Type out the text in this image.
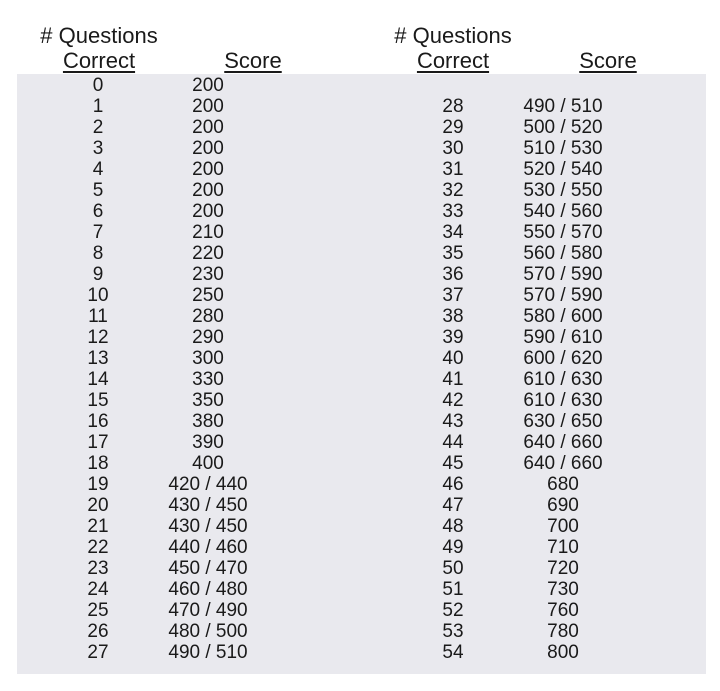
# Questions
Correct	Score
# Questions
Correct	Score
0	200
1	200
2	200
3	200
4	200
5	200
6	200
7	210
8	220
9	230
10	250
11	280
12	290
13	300
14	330
15	350
16	380
17	390
18	400
19	420 / 440
20	430 / 450
21	430 / 450
22	440 / 460
23	450 / 470
24	460 / 480
25	470 / 490
26	480 / 500
27	490 / 510
28	490 / 510
29	500 / 520
30	510 / 530
31	520 / 540
32	530 / 550
33	540 / 560
34	550 / 570
35	560 / 580
36	570 / 590
37	570 / 590
38	580 / 600
39	590 / 610
40	600 / 620
41	610 / 630
42	610 / 630
43	630 / 650
44	640 / 660
45	640 / 660
46	680
47	690
48	700
49	710
50	720
51	730
52	760
53	780
54	800
